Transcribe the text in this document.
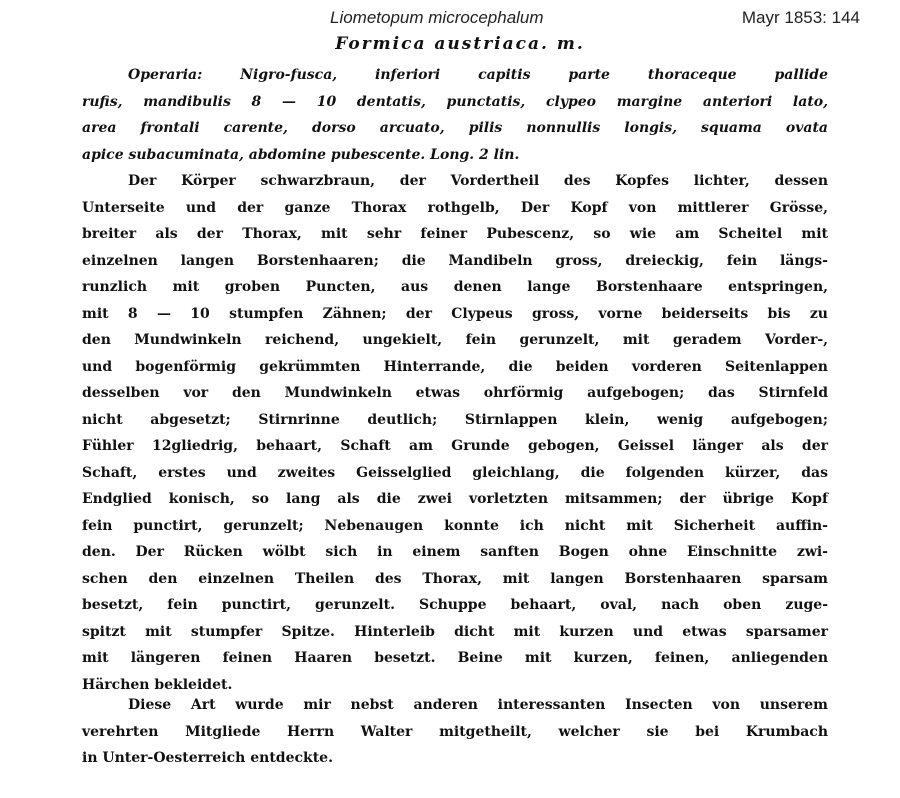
Liometopum microcephalum	Mayr 1853: 144
Formica austriaca. m.
Operaria: Nigro-fusca, inferiori capitis parte thoraceque pallide
rufis, mandibulis 8 — 10 dentatis, punctatis, clypeo margine anteriori lato,
area frontali carente, dorso arcuato, pilis nonnullis longis, squama ovata
apice subacuminata, abdomine pubescente. Long. 2 lin.
Der Körper schwarzbraun, der Vordertheil des Kopfes lichter, dessen
Unterseite und der ganze Thorax rothgelb, Der Kopf von mittlerer Grösse,
breiter als der Thorax, mit sehr feiner Pubescenz, so wie am Scheitel mit
einzelnen langen Borstenhaaren; die Mandibeln gross, dreieckig, fein längs-
runzlich mit groben Puncten, aus denen lange Borstenhaare entspringen,
mit 8 — 10 stumpfen Zähnen; der Clypeus gross, vorne beiderseits bis zu
den Mundwinkeln reichend, ungekielt, fein gerunzelt, mit geradem Vorder-,
und bogenförmig gekrümmten Hinterrande, die beiden vorderen Seitenlappen
desselben vor den Mundwinkeln etwas ohrförmig aufgebogen; das Stirnfeld
nicht abgesetzt; Stirnrinne deutlich; Stirnlappen klein, wenig aufgebogen;
Fühler 12gliedrig, behaart, Schaft am Grunde gebogen, Geissel länger als der
Schaft, erstes und zweites Geisselglied gleichlang, die folgenden kürzer, das
Endglied konisch, so lang als die zwei vorletzten mitsammen; der übrige Kopf
fein punctirt, gerunzelt; Nebenaugen konnte ich nicht mit Sicherheit auffin-
den. Der Rücken wölbt sich in einem sanften Bogen ohne Einschnitte zwi-
schen den einzelnen Theilen des Thorax, mit langen Borstenhaaren sparsam
besetzt, fein punctirt, gerunzelt. Schuppe behaart, oval, nach oben zuge-
spitzt mit stumpfer Spitze. Hinterleib dicht mit kurzen und etwas sparsamer
mit längeren feinen Haaren besetzt. Beine mit kurzen, feinen, anliegenden
Härchen bekleidet.
Diese Art wurde mir nebst anderen interessanten Insecten von unserem
verehrten Mitgliede Herrn Walter mitgetheilt, welcher sie bei Krumbach
in Unter-Oesterreich entdeckte.
